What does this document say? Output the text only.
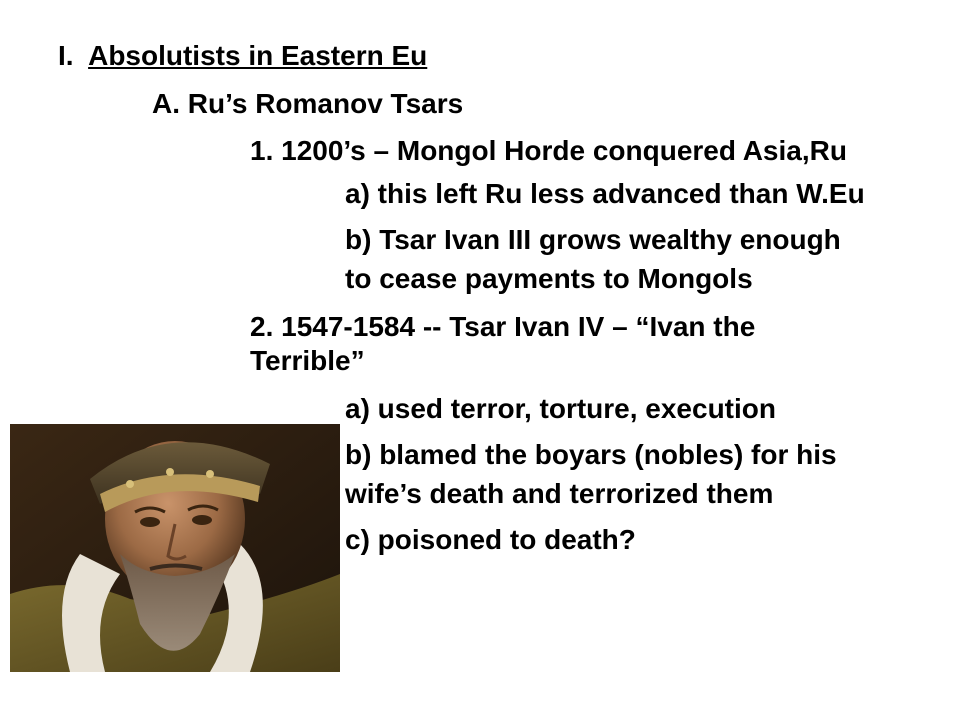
I. Absolutists in Eastern Eu
A. Ru’s Romanov Tsars
1. 1200’s – Mongol Horde conquered Asia,Ru
a) this left Ru less advanced than W.Eu
b) Tsar Ivan III grows wealthy enough
to cease payments to Mongols
2. 1547-1584 -- Tsar Ivan IV – “Ivan the
Terrible”
a) used terror, torture, execution
b) blamed the boyars (nobles) for his
wife’s death and terrorized them
c) poisoned to death?
